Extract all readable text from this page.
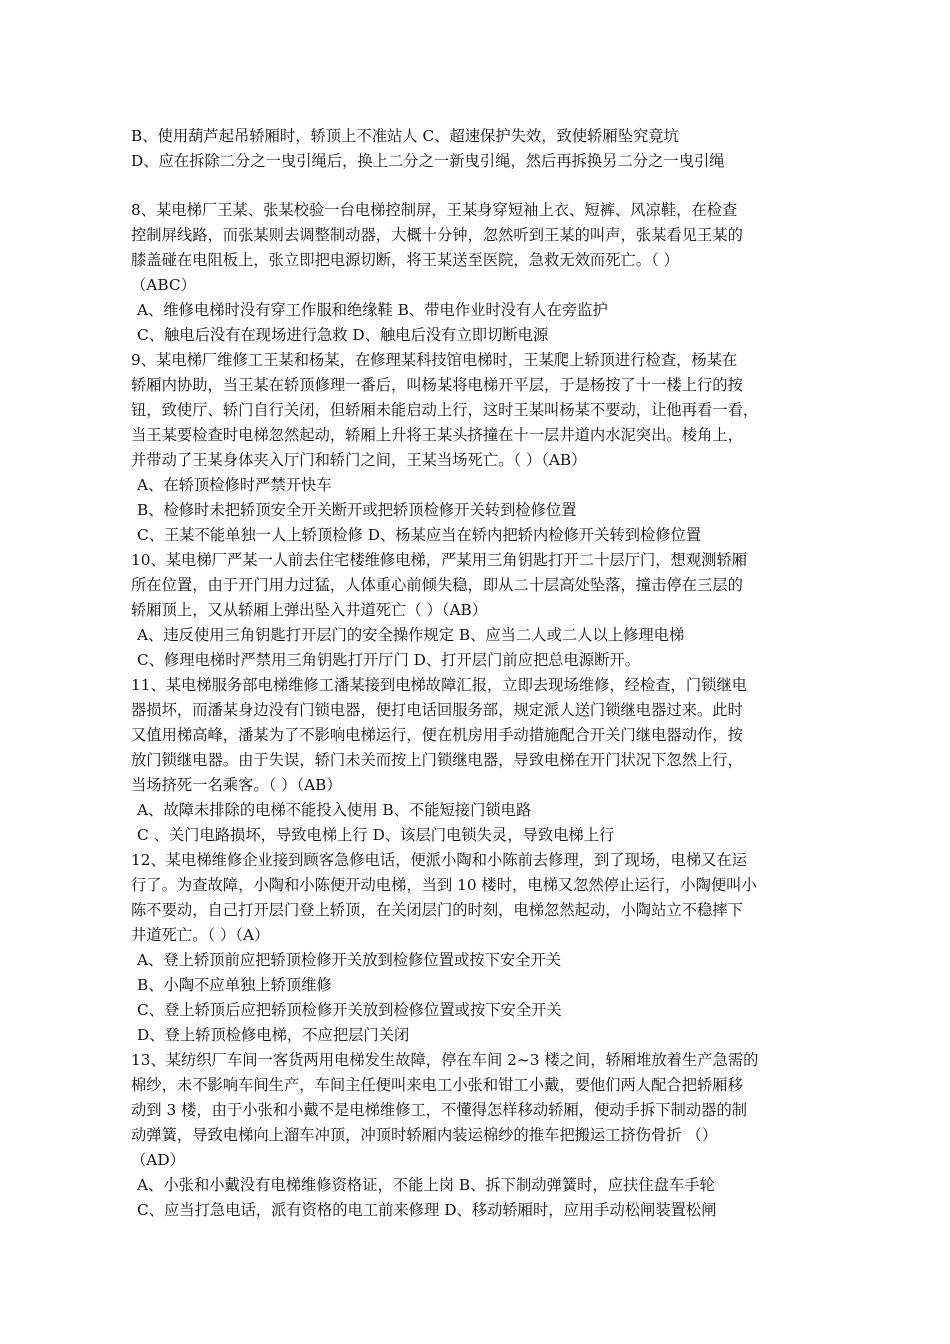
B、使用葫芦起吊轿厢时，轿顶上不准站人 C、超速保护失效，致使轿厢坠究竟坑
D、应在拆除二分之一曳引绳后，换上二分之一新曳引绳，然后再拆换另二分之一曳引绳
8、某电梯厂王某、张某校验一台电梯控制屏，王某身穿短袖上衣、短裤、风凉鞋，在检查
控制屏线路，而张某则去调整制动器，大概十分钟，忽然听到王某的叫声，张某看见王某的
膝盖碰在电阻板上，张立即把电源切断，将王某送至医院，急救无效而死亡。（ ）
（ABC）
A、维修电梯时没有穿工作服和绝缘鞋 B、带电作业时没有人在旁监护
C、触电后没有在现场进行急救 D、触电后没有立即切断电源
9、某电梯厂维修工王某和杨某，在修理某科技馆电梯时，王某爬上轿顶进行检查，杨某在
轿厢内协助，当王某在轿顶修理一番后，叫杨某将电梯开平层，于是杨按了十一楼上行的按
钮，致使厅、轿门自行关闭，但轿厢未能启动上行，这时王某叫杨某不要动，让他再看一看，
当王某要检查时电梯忽然起动，轿厢上升将王某头挤撞在十一层井道内水泥突出。棱角上，
并带动了王某身体夹入厅门和轿门之间，王某当场死亡。（ ）（AB）
A、在轿顶检修时严禁开快车
B、检修时未把轿顶安全开关断开或把轿顶检修开关转到检修位置
C、王某不能单独一人上轿顶检修 D、杨某应当在轿内把轿内检修开关转到检修位置
10、某电梯厂严某一人前去住宅楼维修电梯，严某用三角钥匙打开二十层厅门，想观测轿厢
所在位置，由于开门用力过猛，人体重心前倾失稳，即从二十层高处坠落，撞击停在三层的
轿厢顶上，又从轿厢上弹出坠入井道死亡（ ）（AB）
A、违反使用三角钥匙打开层门的安全操作规定 B、应当二人或二人以上修理电梯
C、修理电梯时严禁用三角钥匙打开厅门 D、打开层门前应把总电源断开。
11、某电梯服务部电梯维修工潘某接到电梯故障汇报，立即去现场维修，经检查，门锁继电
器损坏，而潘某身边没有门锁电器，便打电话回服务部，规定派人送门锁继电器过来。此时
又值用梯高峰，潘某为了不影响电梯运行，便在机房用手动措施配合开关门继电器动作，按
放门锁继电器。由于失误，轿门未关而按上门锁继电器，导致电梯在开门状况下忽然上行，
当场挤死一名乘客。（ ）（AB）
A、故障未排除的电梯不能投入使用 B、不能短接门锁电路
C 、关门电路损坏，导致电梯上行 D、该层门电锁失灵，导致电梯上行
12、某电梯维修企业接到顾客急修电话，便派小陶和小陈前去修理，到了现场，电梯又在运
行了。为查故障，小陶和小陈便开动电梯，当到 10 楼时，电梯又忽然停止运行，小陶便叫小
陈不要动，自己打开层门登上轿顶，在关闭层门的时刻，电梯忽然起动，小陶站立不稳摔下
井道死亡。（ ）（A）
A、登上轿顶前应把轿顶检修开关放到检修位置或按下安全开关
B、小陶不应单独上轿顶维修
C、登上轿顶后应把轿顶检修开关放到检修位置或按下安全开关
D、登上轿顶检修电梯，不应把层门关闭
13、某纺织厂车间一客货两用电梯发生故障，停在车间 2~3 楼之间，轿厢堆放着生产急需的
棉纱，未不影响车间生产，车间主任便叫来电工小张和钳工小戴，要他们两人配合把轿厢移
动到 3 楼，由于小张和小戴不是电梯维修工，不懂得怎样移动轿厢，便动手拆下制动器的制
动弹簧，导致电梯向上溜车冲顶，冲顶时轿厢内装运棉纱的推车把搬运工挤伤骨折 （）
（AD）
A、小张和小戴没有电梯维修资格证，不能上岗 B、拆下制动弹簧时，应扶住盘车手轮
C、应当打急电话，派有资格的电工前来修理 D、移动轿厢时，应用手动松闸装置松闸
